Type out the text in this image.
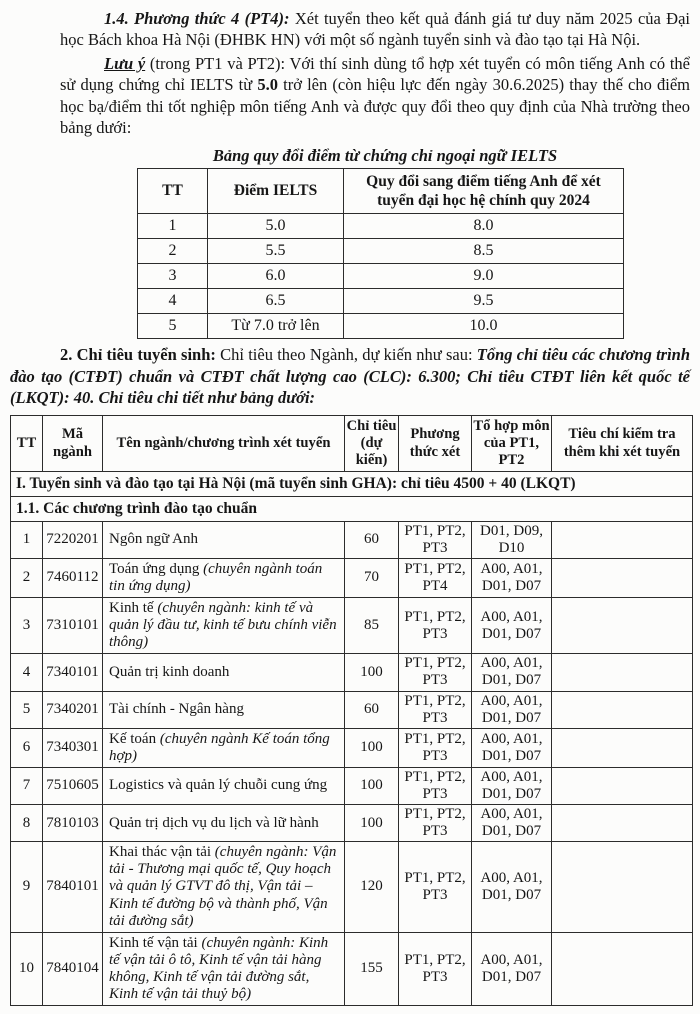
1.4. Phương thức 4 (PT4): Xét tuyển theo kết quả đánh giá tư duy năm 2025 của Đại học Bách khoa Hà Nội (ĐHBK HN) với một số ngành tuyển sinh và đào tạo tại Hà Nội.

Lưu ý (trong PT1 và PT2): Với thí sinh dùng tổ hợp xét tuyển có môn tiếng Anh có thể sử dụng chứng chỉ IELTS từ 5.0 trở lên (còn hiệu lực đến ngày 30.6.2025) thay thế cho điểm học bạ/điểm thi tốt nghiệp môn tiếng Anh và được quy đổi theo quy định của Nhà trường theo bảng dưới:

Bảng quy đổi điểm từ chứng chỉ ngoại ngữ IELTS
TT	Điểm IELTS	Quy đổi sang điểm tiếng Anh để xét tuyển đại học hệ chính quy 2024
1	5.0	8.0
2	5.5	8.5
3	6.0	9.0
4	6.5	9.5
5	Từ 7.0 trở lên	10.0

2. Chỉ tiêu tuyển sinh: Chỉ tiêu theo Ngành, dự kiến như sau: Tổng chỉ tiêu các chương trình đào tạo (CTĐT) chuẩn và CTĐT chất lượng cao (CLC): 6.300; Chỉ tiêu CTĐT liên kết quốc tế (LKQT): 40. Chỉ tiêu chi tiết như bảng dưới:

TT	Mã ngành	Tên ngành/chương trình xét tuyển	Chỉ tiêu (dự kiến)	Phương thức xét	Tổ hợp môn của PT1, PT2	Tiêu chí kiểm tra thêm khi xét tuyển
I. Tuyển sinh và đào tạo tại Hà Nội (mã tuyển sinh GHA): chỉ tiêu 4500 + 40 (LKQT)						
1.1. Các chương trình đào tạo chuẩn						
1	7220201	Ngôn ngữ Anh	60	PT1, PT2, PT3	D01, D09, D10	
2	7460112	Toán ứng dụng (chuyên ngành toán tin ứng dụng)	70	PT1, PT2, PT4	A00, A01, D01, D07	
3	7310101	Kinh tế (chuyên ngành: kinh tế và quản lý đầu tư, kinh tế bưu chính viễn thông)	85	PT1, PT2, PT3	A00, A01, D01, D07	
4	7340101	Quản trị kinh doanh	100	PT1, PT2, PT3	A00, A01, D01, D07	
5	7340201	Tài chính - Ngân hàng	60	PT1, PT2, PT3	A00, A01, D01, D07	
6	7340301	Kế toán (chuyên ngành Kế toán tổng hợp)	100	PT1, PT2, PT3	A00, A01, D01, D07	
7	7510605	Logistics và quản lý chuỗi cung ứng	100	PT1, PT2, PT3	A00, A01, D01, D07	
8	7810103	Quản trị dịch vụ du lịch và lữ hành	100	PT1, PT2, PT3	A00, A01, D01, D07	
9	7840101	Khai thác vận tải (chuyên ngành: Vận tải - Thương mại quốc tế, Quy hoạch và quản lý GTVT đô thị, Vận tải – Kinh tế đường bộ và thành phố, Vận tải đường sắt)	120	PT1, PT2, PT3	A00, A01, D01, D07	
10	7840104	Kinh tế vận tải (chuyên ngành: Kinh tế vận tải ô tô, Kinh tế vận tải hàng không, Kinh tế vận tải đường sắt, Kinh tế vận tải thuỷ bộ)	155	PT1, PT2, PT3	A00, A01, D01, D07	
